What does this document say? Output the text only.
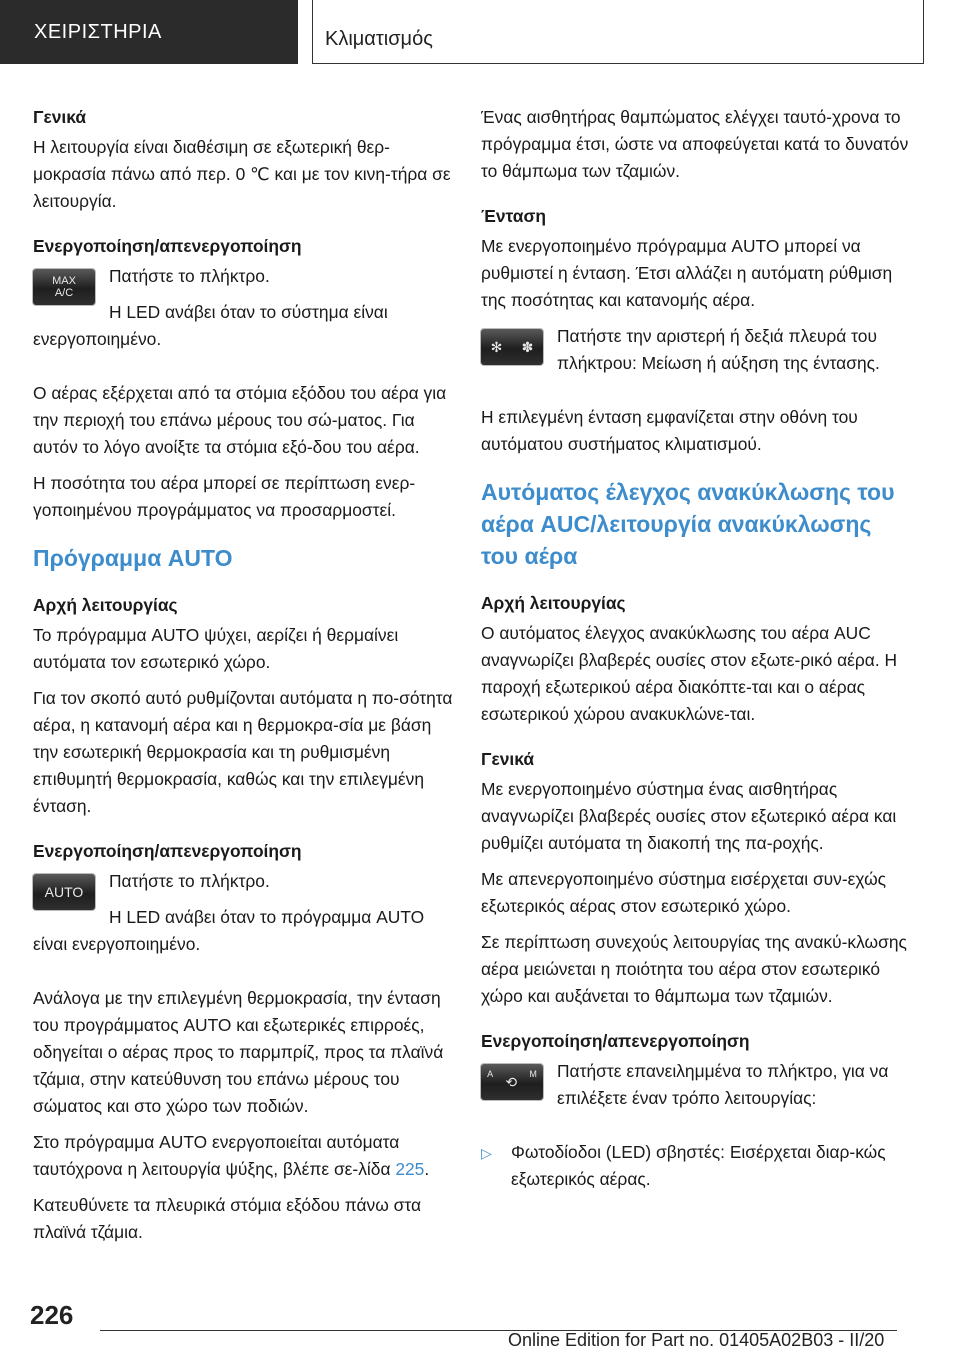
ΧΕΙΡΙΣΤΗΡΙΑ	Κλιματισμός
Γενικά

Η λειτουργία είναι διαθέσιμη σε εξωτερική θερ-μοκρασία πάνω από περ. 0 ℃ και με τον κινη-τήρα σε λειτουργία.

Ενεργοποίηση/απενεργοποίηση
MAX
A/C

Πατήστε το πλήκτρο.

Η LED ανάβει όταν το σύστημα είναι ενεργοποιημένο.

Ο αέρας εξέρχεται από τα στόμια εξόδου του αέρα για την περιοχή του επάνω μέρους του σώ-ματος. Για αυτόν το λόγο ανοίξτε τα στόμια εξό-δου του αέρα.

Η ποσότητα του αέρα μπορεί σε περίπτωση ενερ-γοποιημένου προγράμματος να προσαρμοστεί.

Πρόγραμμα AUTO
Αρχή λειτουργίας

Το πρόγραμμα AUTO ψύχει, αερίζει ή θερμαίνει αυτόματα τον εσωτερικό χώρο.

Για τον σκοπό αυτό ρυθμίζονται αυτόματα η πο-σότητα αέρα, η κατανομή αέρα και η θερμοκρα-σία με βάση την εσωτερική θερμοκρασία και τη ρυθμισμένη επιθυμητή θερμοκρασία, καθώς και την επιλεγμένη ένταση.

Ενεργοποίηση/απενεργοποίηση
AUTO

Πατήστε το πλήκτρο.

Η LED ανάβει όταν το πρόγραμμα AUTO είναι ενεργοποιημένο.

Ανάλογα με την επιλεγμένη θερμοκρασία, την ένταση του προγράμματος AUTO και εξωτερικές επιρροές, οδηγείται ο αέρας προς το παρμπρίζ, προς τα πλαϊνά τζάμια, στην κατεύθυνση του επάνω μέρους του σώματος και στο χώρο των ποδιών.

Στο πρόγραμμα AUTO ενεργοποιείται αυτόματα ταυτόχρονα η λειτουργία ψύξης, βλέπε σε-λίδα 225.

Κατευθύνετε τα πλευρικά στόμια εξόδου πάνω στα πλαϊνά τζάμια.

Ένας αισθητήρας θαμπώματος ελέγχει ταυτό-χρονα το πρόγραμμα έτσι, ώστε να αποφεύγεται κατά το δυνατόν το θάμπωμα των τζαμιών.

Ένταση

Με ενεργοποιημένο πρόγραμμα AUTO μπορεί να ρυθμιστεί η ένταση. Έτσι αλλάζει η αυτόματη ρύθμιση της ποσότητας και κατανομής αέρα.

✻ ✽

Πατήστε την αριστερή ή δεξιά πλευρά του πλήκτρου: Μείωση ή αύξηση της έντασης.

Η επιλεγμένη ένταση εμφανίζεται στην οθόνη του αυτόματου συστήματος κλιματισμού.

Αυτόματος έλεγχος ανακύκλωσης του αέρα AUC/λειτουργία ανακύκλωσης του αέρα
Αρχή λειτουργίας

Ο αυτόματος έλεγχος ανακύκλωσης του αέρα AUC αναγνωρίζει βλαβερές ουσίες στον εξωτε-ρικό αέρα. Η παροχή εξωτερικού αέρα διακόπτε-ται και ο αέρας εσωτερικού χώρου ανακυκλώνε-ται.

Γενικά

Με ενεργοποιημένο σύστημα ένας αισθητήρας αναγνωρίζει βλαβερές ουσίες στον εξωτερικό αέρα και ρυθμίζει αυτόματα τη διακοπή της πα-ροχής.

Με απενεργοποιημένο σύστημα εισέρχεται συν-εχώς εξωτερικός αέρας στον εσωτερικό χώρο.

Σε περίπτωση συνεχούς λειτουργίας της ανακύ-κλωσης αέρα μειώνεται η ποιότητα του αέρα στον εσωτερικό χώρο και αυξάνεται το θάμπωμα των τζαμιών.

Ενεργοποίηση/απενεργοποίηση
A ⟲ M	Πατήστε επανειλημμένα το πλήκτρο, για να επιλέξετε έναν τρόπο λειτουργίας:

▷	Φωτοδίοδοι (LED) σβηστές: Εισέρχεται διαρ-κώς εξωτερικός αέρας.
226
Online Edition for Part no. 01405A02B03 - II/20
